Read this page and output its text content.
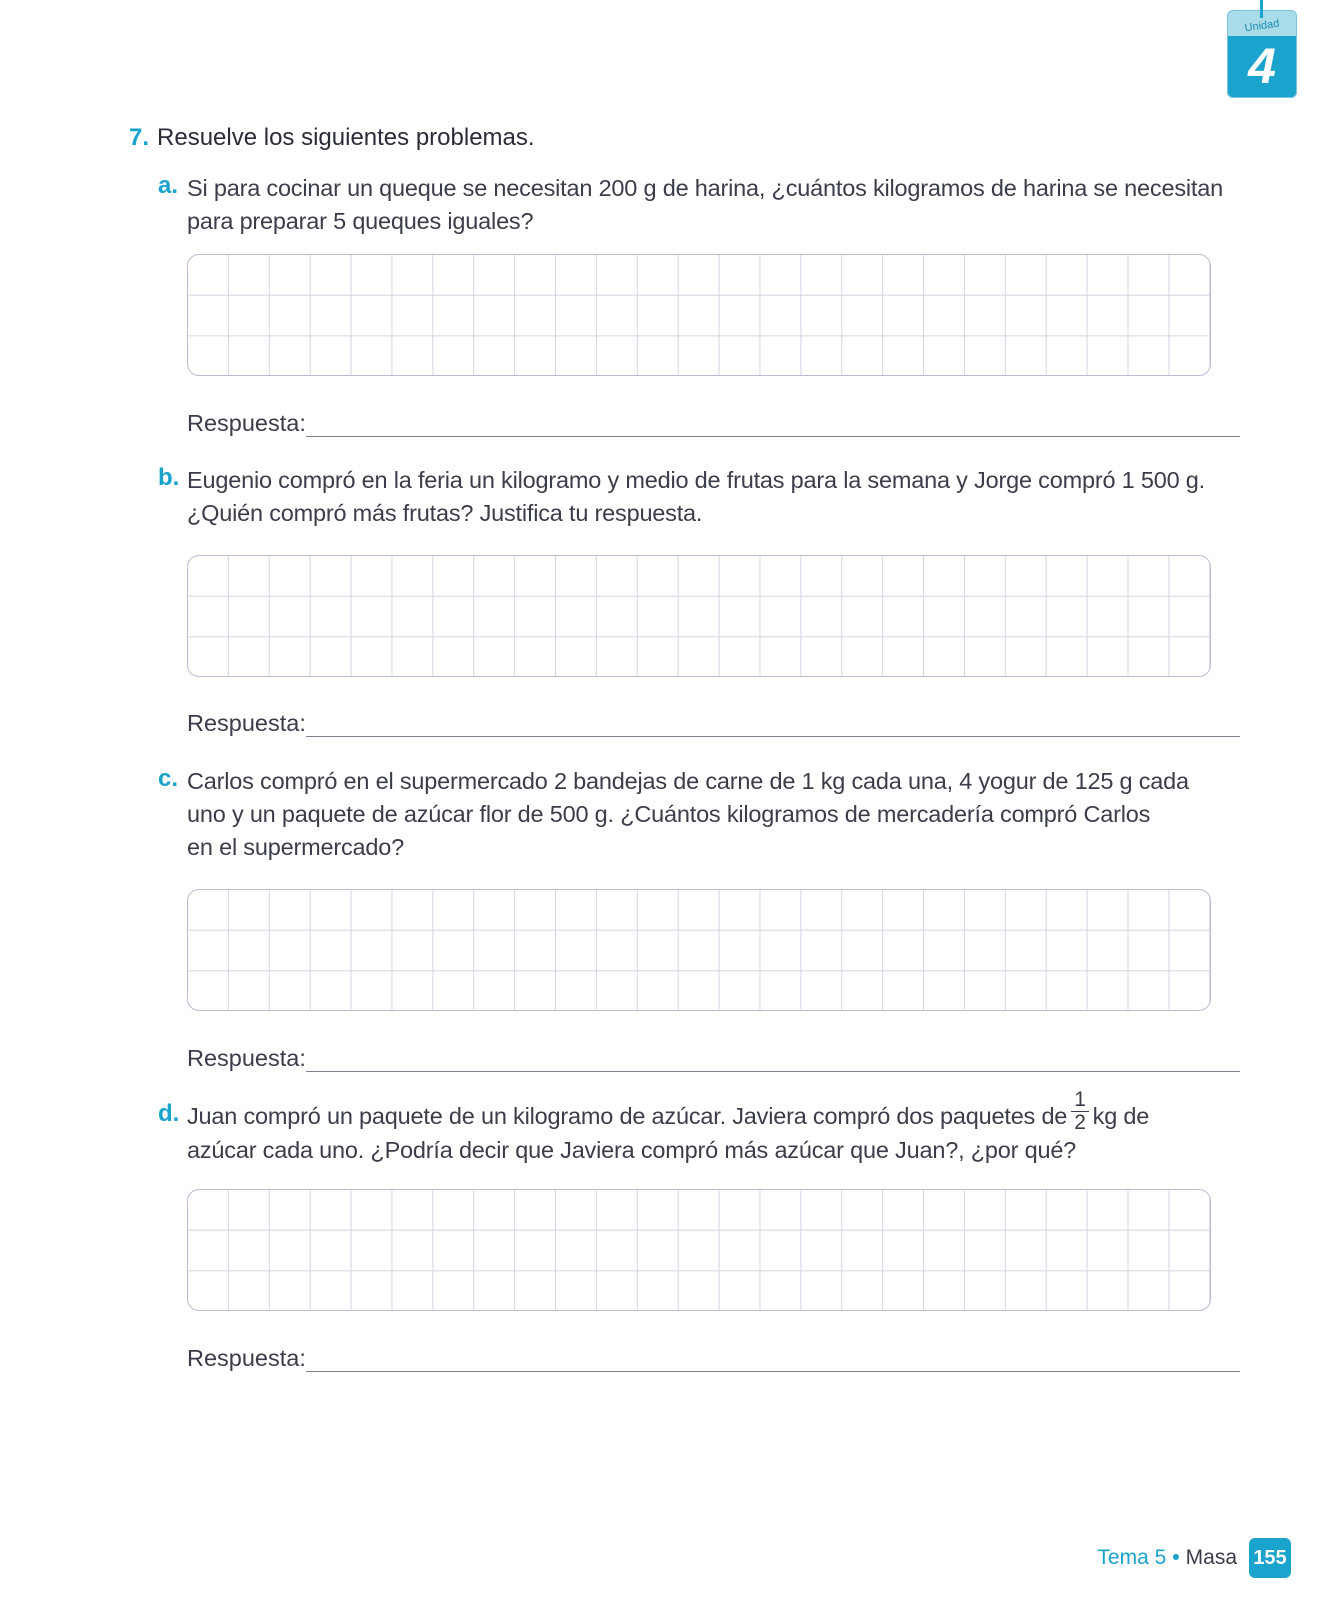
Unidad
4
7. Resuelve los siguientes problemas.
a. Si para cocinar un queque se necesitan 200 g de harina, ¿cuántos kilogramos de harina se necesitan para preparar 5 queques iguales?
Respuesta:
b. Eugenio compró en la feria un kilogramo y medio de frutas para la semana y Jorge compró 1 500 g. ¿Quién compró más frutas? Justifica tu respuesta.
Respuesta:
c. Carlos compró en el supermercado 2 bandejas de carne de 1 kg cada una, 4 yogur de 125 g cada
uno y un paquete de azúcar flor de 500 g. ¿Cuántos kilogramos de mercadería compró Carlos
en el supermercado?
Respuesta:
d. Juan compró un paquete de un kilogramo de azúcar. Javiera compró dos paquetes de $\frac{1}{2}$ kg de
azúcar cada uno. ¿Podría decir que Javiera compró más azúcar que Juan?, ¿por qué?
Respuesta:
Tema 5 • Masa 155
